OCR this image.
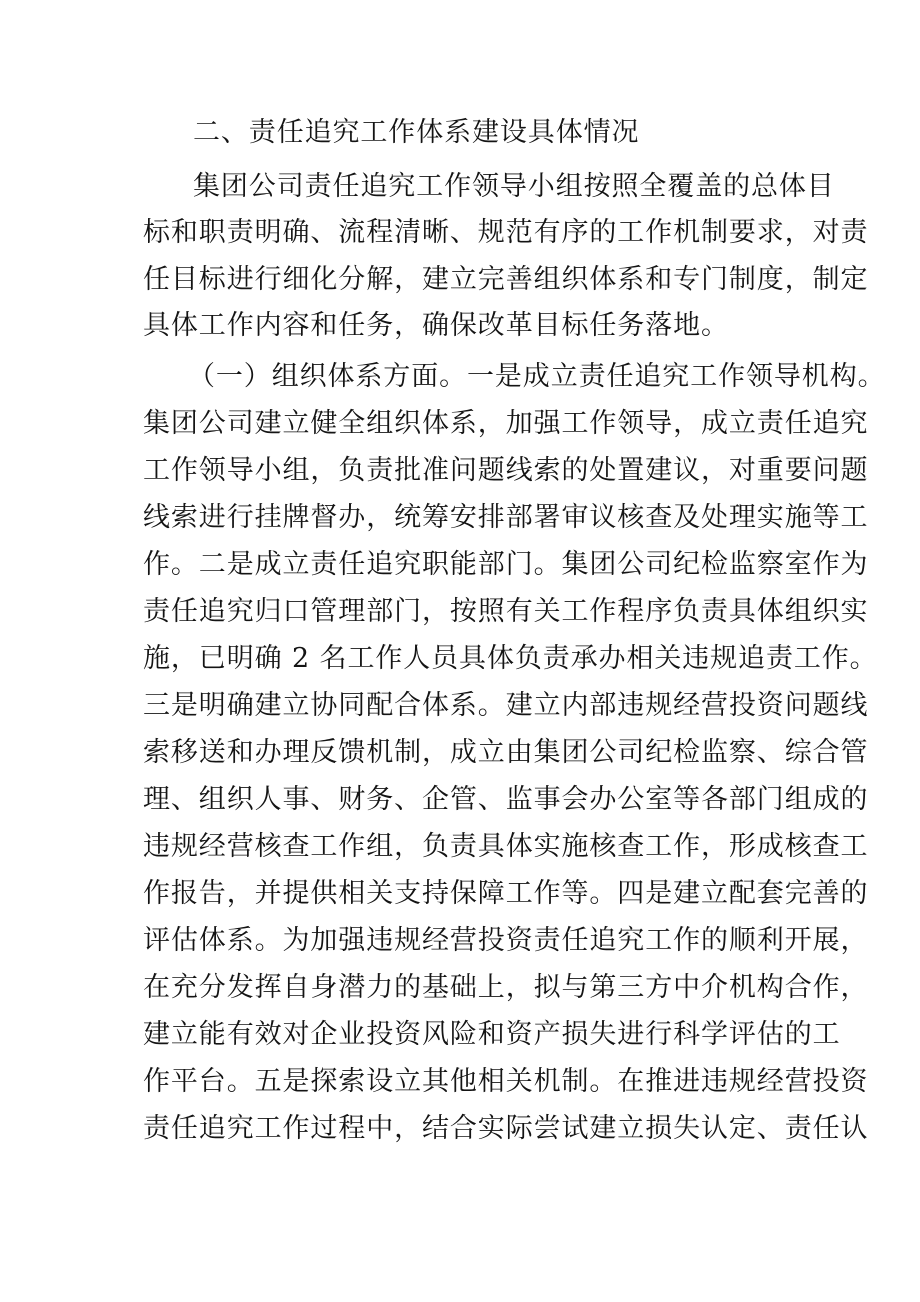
二、责任追究工作体系建设具体情况
集团公司责任追究工作领导小组按照全覆盖的总体目
标和职责明确、流程清晰、规范有序的工作机制要求，对责
任目标进行细化分解，建立完善组织体系和专门制度，制定
具体工作内容和任务，确保改革目标任务落地。
（一）组织体系方面。一是成立责任追究工作领导机构。
集团公司建立健全组织体系，加强工作领导，成立责任追究
工作领导小组，负责批准问题线索的处置建议，对重要问题
线索进行挂牌督办，统筹安排部署审议核查及处理实施等工
作。二是成立责任追究职能部门。集团公司纪检监察室作为
责任追究归口管理部门，按照有关工作程序负责具体组织实
施，已明确 2 名工作人员具体负责承办相关违规追责工作。
三是明确建立协同配合体系。建立内部违规经营投资问题线
索移送和办理反馈机制，成立由集团公司纪检监察、综合管
理、组织人事、财务、企管、监事会办公室等各部门组成的
违规经营核查工作组，负责具体实施核查工作，形成核查工
作报告，并提供相关支持保障工作等。四是建立配套完善的
评估体系。为加强违规经营投资责任追究工作的顺利开展，
在充分发挥自身潜力的基础上，拟与第三方中介机构合作，
建立能有效对企业投资风险和资产损失进行科学评估的工
作平台。五是探索设立其他相关机制。在推进违规经营投资
责任追究工作过程中，结合实际尝试建立损失认定、责任认
